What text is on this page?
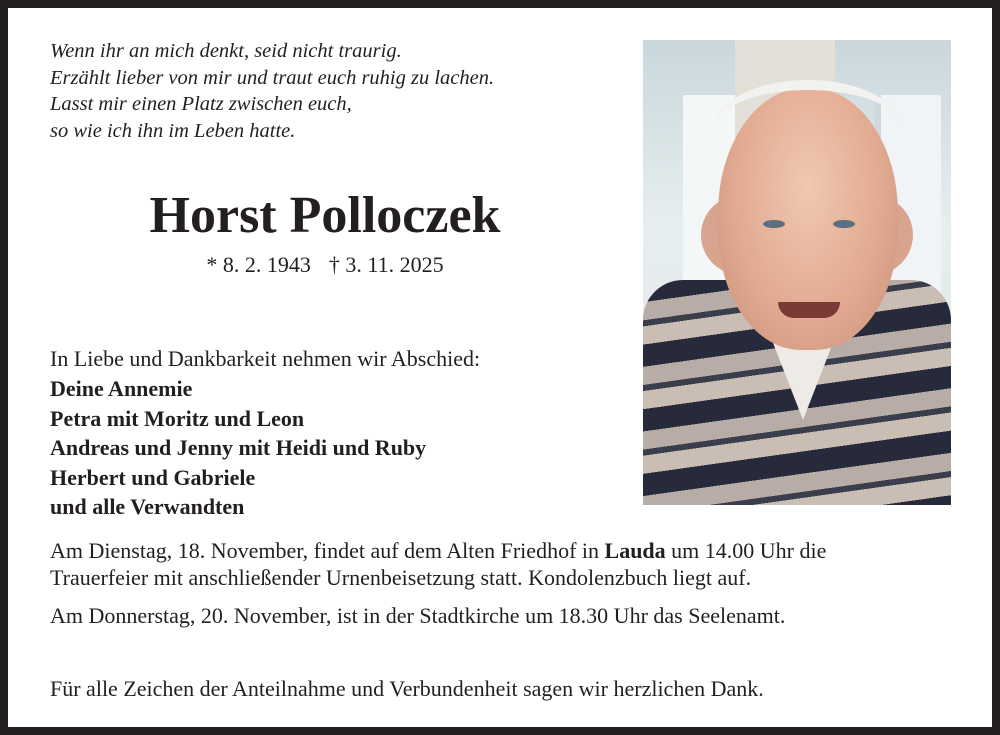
Wenn ihr an mich denkt, seid nicht traurig.
Erzählt lieber von mir und traut euch ruhig zu lachen.
Lasst mir einen Platz zwischen euch,
so wie ich ihn im Leben hatte.
Horst Polloczek
* 8. 2. 1943 † 3. 11. 2025
In Liebe und Dankbarkeit nehmen wir Abschied:
Deine Annemie
Petra mit Moritz und Leon
Andreas und Jenny mit Heidi und Ruby
Herbert und Gabriele
und alle Verwandten
Am Dienstag, 18. November, findet auf dem Alten Friedhof in Lauda um 14.00 Uhr die
Trauerfeier mit anschließender Urnenbeisetzung statt. Kondolenzbuch liegt auf.
Am Donnerstag, 20. November, ist in der Stadtkirche um 18.30 Uhr das Seelenamt.
Für alle Zeichen der Anteilnahme und Verbundenheit sagen wir herzlichen Dank.
